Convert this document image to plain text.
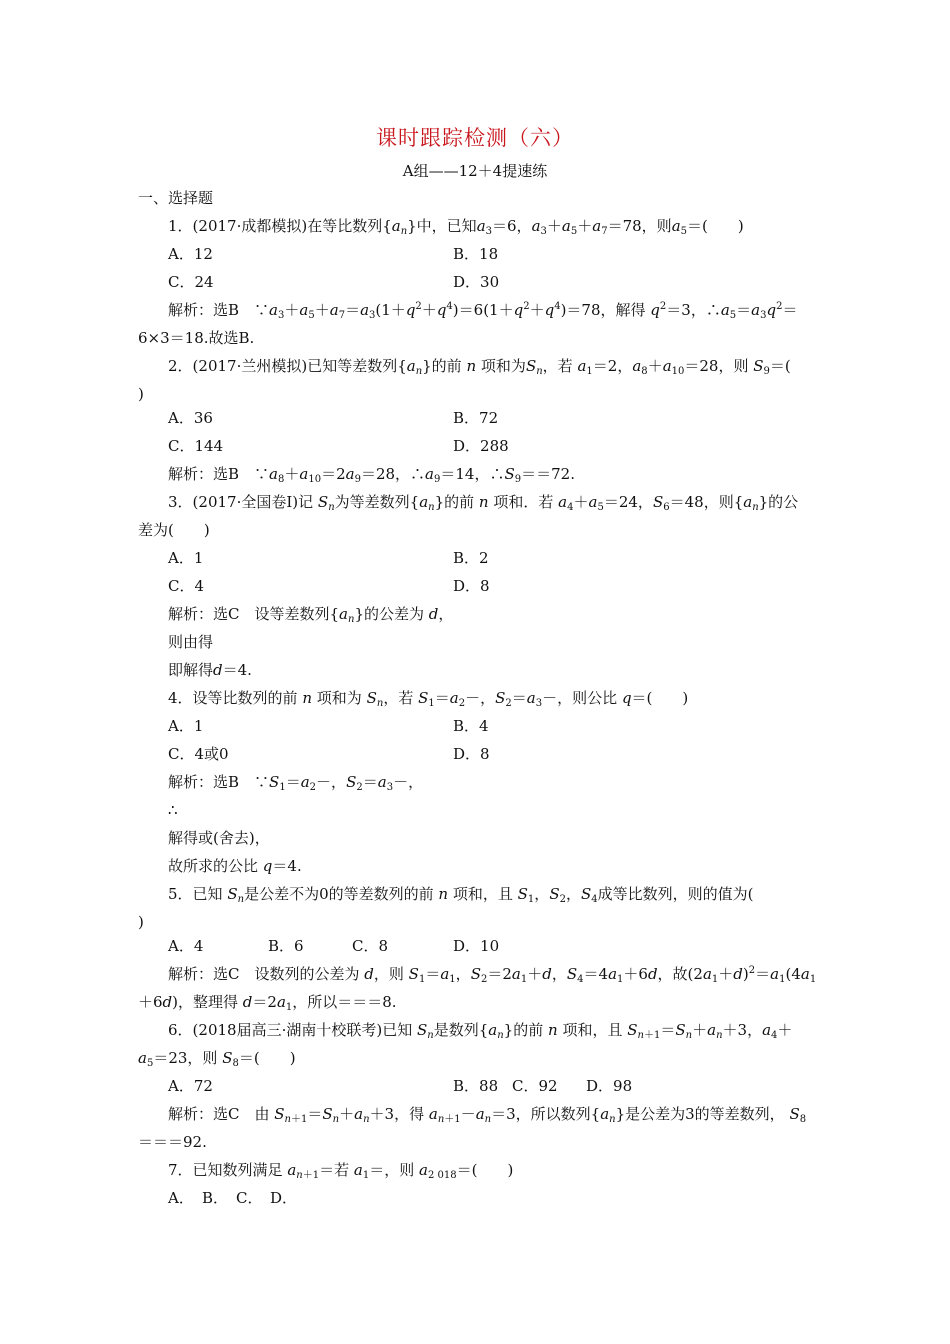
课时跟踪检测（六）
A组——12＋4提速练
一、选择题
1．(2017·成都模拟)在等比数列$\{a_n\}$中，已知$a_3=6$，$a_3+a_5+a_7=78$，则$a_5=$(　　)
A．12	B．18
C．24	D．30
解析：选B　$\because a_3+a_5+a_7=a_3(1+q^2+q^4)=6(1+q^2+q^4)=78$，解得 $q^2=3$，$\therefore a_5=a_3q^2=$
6×3＝18.故选B.
2．(2017·兰州模拟)已知等差数列$\{a_n\}$的前 n 项和为$S_n$，若 $a_1=2$，$a_8+a_{10}=28$，则 $S_9=$(
)
A．36	B．72
C．144	D．288
解析：选B　$\because a_8+a_{10}=2a_9=28$，$\therefore a_9=14$，$\therefore S_9==72$.
3．(2017·全国卷Ⅰ)记 $S_n$为等差数列$\{a_n\}$的前 n 项和．若 $a_4+a_5=24$，$S_6=48$，则$\{a_n\}$的公
差为(　　)
A．1	B．2
C．4	D．8
解析：选C　设等差数列$\{a_n\}$的公差为 d，
则由得
即解得d＝4.
4．设等比数列的前 n 项和为 $S_n$，若 $S_1=a_2-$，$S_2=a_3-$，则公比 q＝(　　)
A．1	B．4
C．4或0	D．8
解析：选B　$\because S_1=a_2-$，$S_2=a_3-$，
∴
解得或(舍去)，
故所求的公比 q＝4.
5．已知 $S_n$是公差不为0的等差数列的前 n 项和，且 $S_1$，$S_2$，$S_4$成等比数列，则的值为(
)
A．4	B．6	C．8	D．10
解析：选C　设数列的公差为 d，则 $S_1=a_1$，$S_2=2a_1+d$，$S_4=4a_1+6d$，故$(2a_1+d)^2=a_1(4a_1$
＋6d)，整理得 $d=2a_1$，所以＝＝＝8.
6．(2018届高三·湖南十校联考)已知 $S_n$是数列$\{a_n\}$的前 n 项和，且 $S_{n+1}=S_n+a_n+3$，$a_4+$
$a_5=23$，则 $S_8=$(　　)
A．72	B．88 C．92 D．98
解析：选C　由 $S_{n+1}=S_n+a_n+3$，得 $a_{n+1}-a_n=3$，所以数列$\{a_n\}$是公差为3的等差数列， $S_8$
＝＝＝92.
7．已知数列满足 $a_{n+1}=$若 $a_1=$，则 $a_{2 018}=$(　　)
A． B． C． D．
